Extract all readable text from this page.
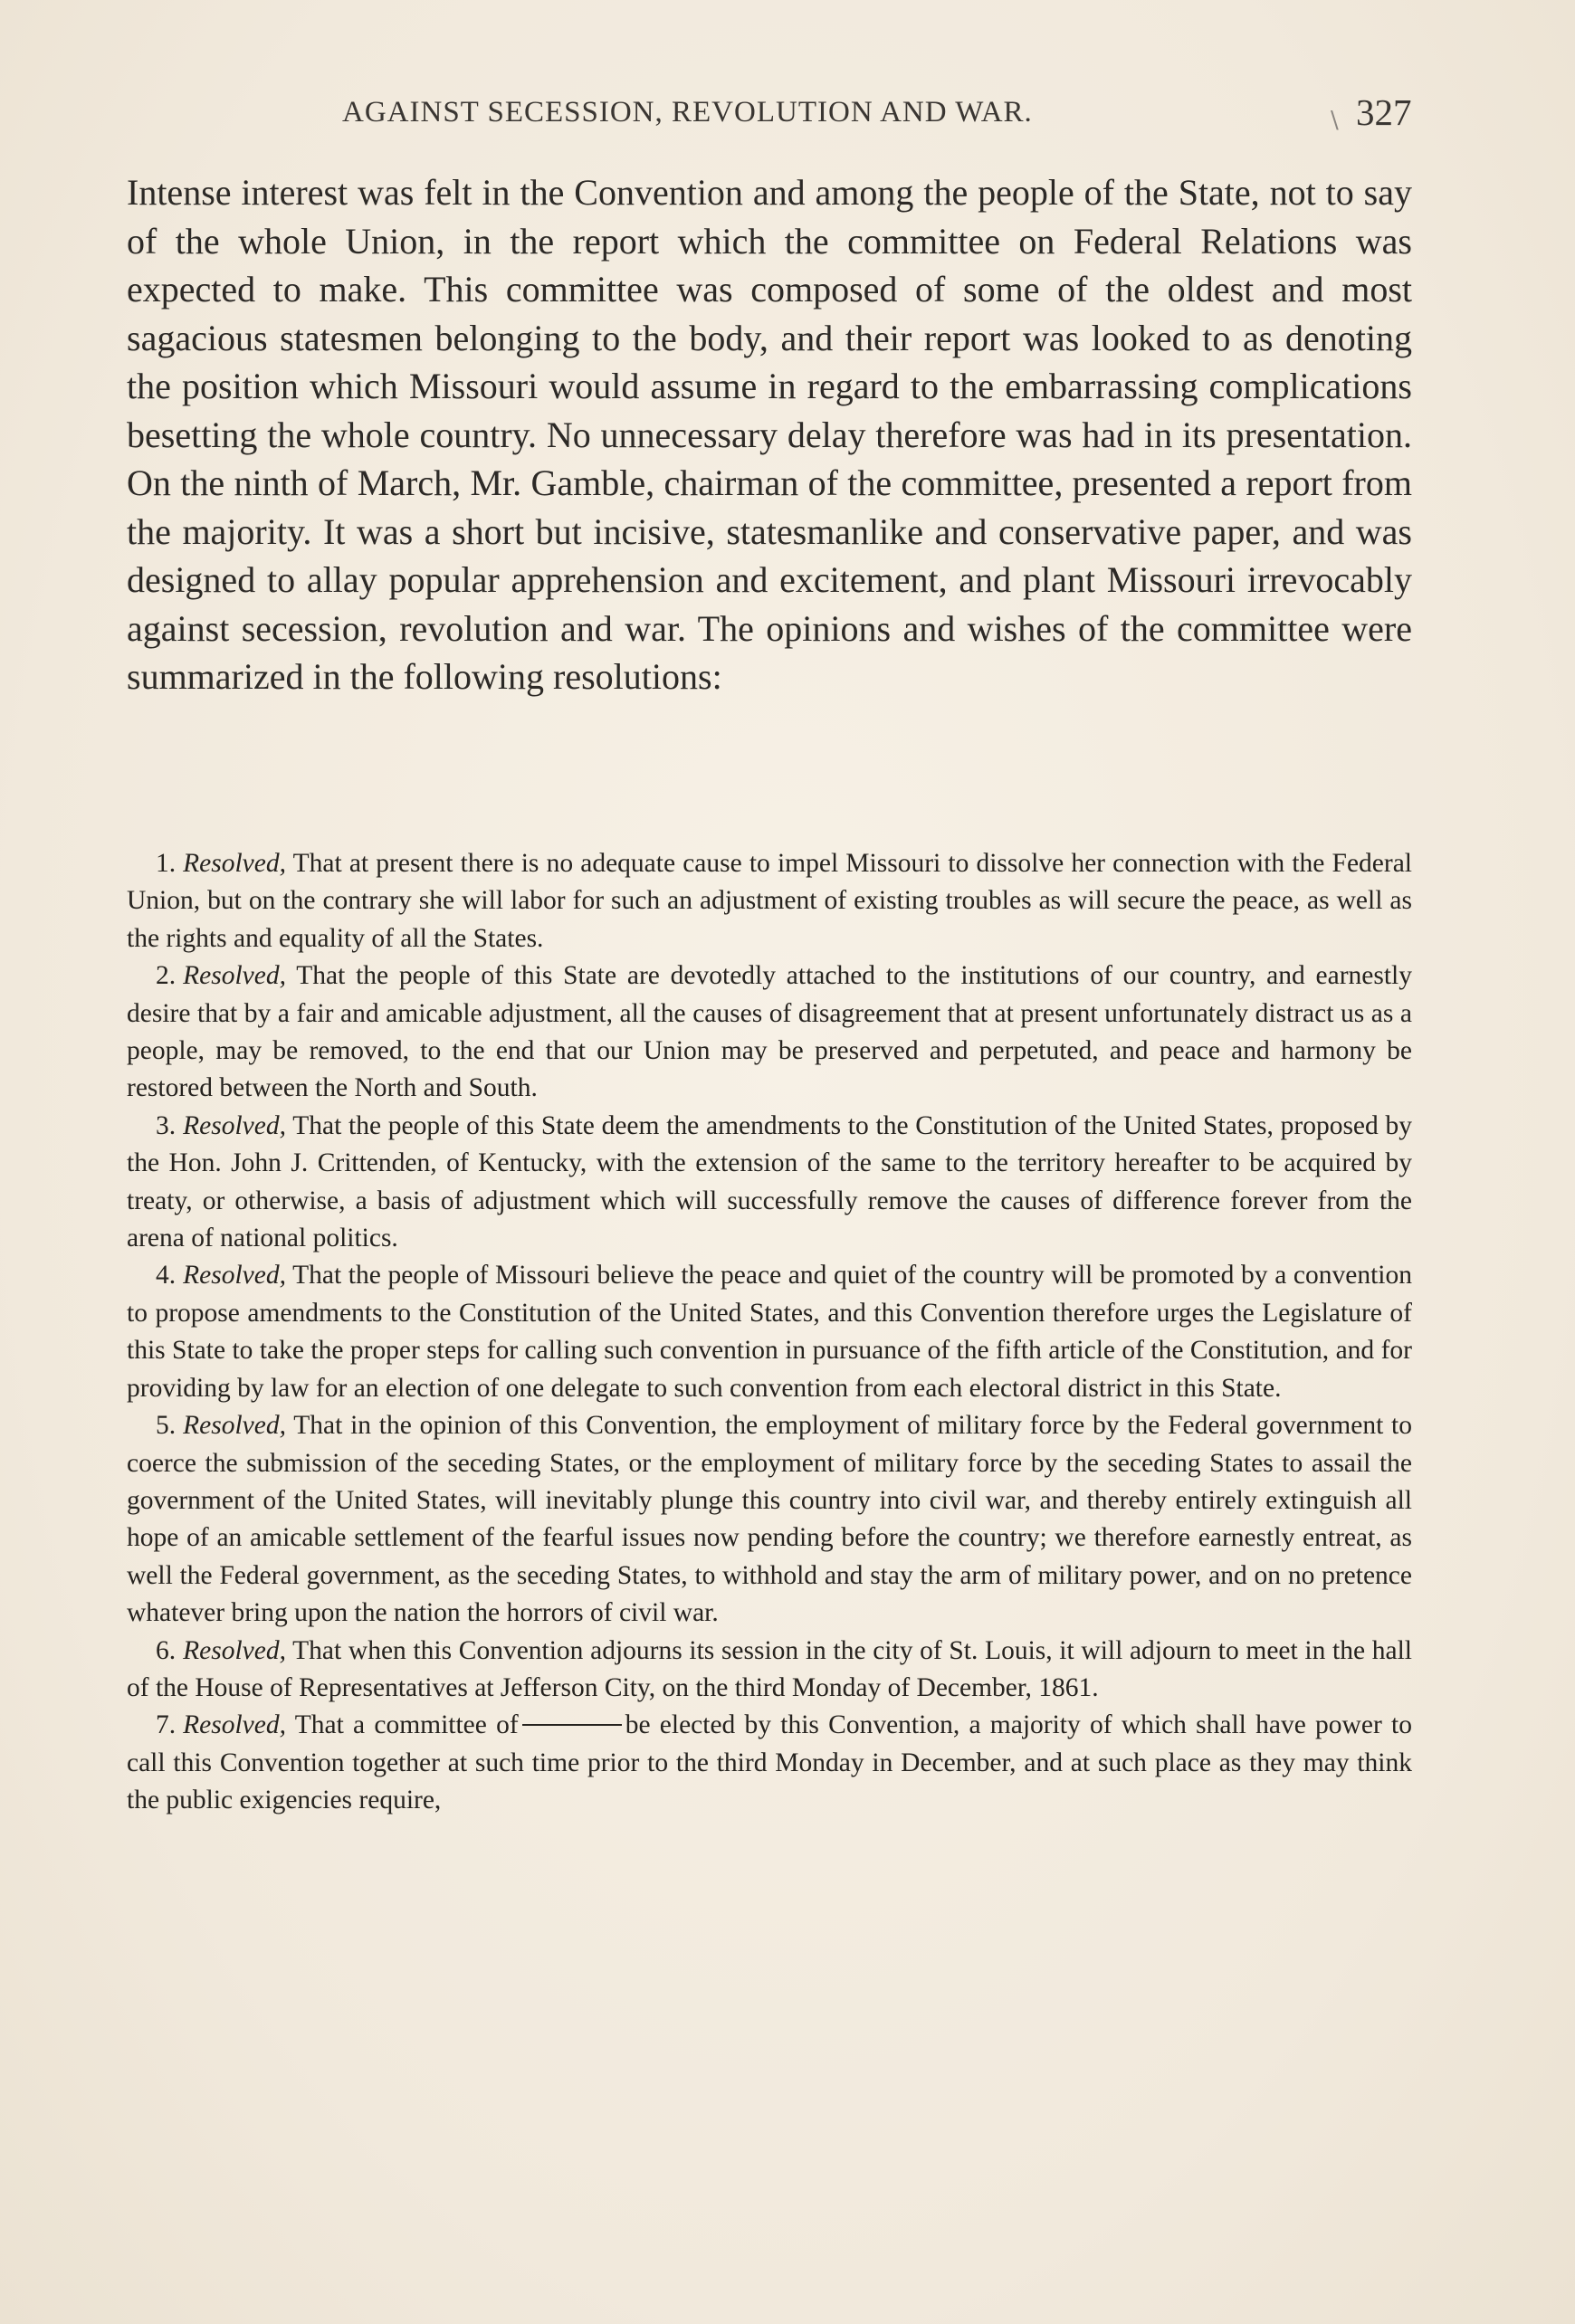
AGAINST SECESSION, REVOLUTION AND WAR.	\ 327

Intense interest was felt in the Convention and among the people of the State, not to say of the whole Union, in the report which the committee on Federal Relations was expected to make. This committee was composed of some of the oldest and most sagacious statesmen belonging to the body, and their report was looked to as denoting the position which Missouri would assume in regard to the embarrassing complications besetting the whole country. No unnecessary delay therefore was had in its presentation. On the ninth of March, Mr. Gamble, chairman of the committee, presented a report from the majority. It was a short but incisive, statesmanlike and conservative paper, and was designed to allay popular apprehension and excitement, and plant Missouri irrevocably against secession, revolution and war. The opinions and wishes of the committee were summarized in the following resolutions:

1. Resolved, That at present there is no adequate cause to impel Missouri to dissolve her connection with the Federal Union, but on the contrary she will labor for such an adjustment of existing troubles as will secure the peace, as well as the rights and equality of all the States.
2. Resolved, That the people of this State are devotedly attached to the institutions of our country, and earnestly desire that by a fair and amicable adjustment, all the causes of disagreement that at present unfortunately distract us as a people, may be removed, to the end that our Union may be preserved and perpetuted, and peace and harmony be restored between the North and South.
3. Resolved, That the people of this State deem the amendments to the Constitution of the United States, proposed by the Hon. John J. Crittenden, of Kentucky, with the extension of the same to the territory hereafter to be acquired by treaty, or otherwise, a basis of adjustment which will successfully remove the causes of difference forever from the arena of national politics.
4. Resolved, That the people of Missouri believe the peace and quiet of the country will be promoted by a convention to propose amendments to the Constitution of the United States, and this Convention therefore urges the Legislature of this State to take the proper steps for calling such convention in pursuance of the fifth article of the Constitution, and for providing by law for an election of one delegate to such convention from each electoral district in this State.
5. Resolved, That in the opinion of this Convention, the employment of military force by the Federal government to coerce the submission of the seceding States, or the employment of military force by the seceding States to assail the government of the United States, will inevitably plunge this country into civil war, and thereby entirely extinguish all hope of an amicable settlement of the fearful issues now pending before the country; we therefore earnestly entreat, as well the Federal government, as the seceding States, to withhold and stay the arm of military power, and on no pretence whatever bring upon the nation the horrors of civil war.
6. Resolved, That when this Convention adjourns its session in the city of St. Louis, it will adjourn to meet in the hall of the House of Representatives at Jefferson City, on the third Monday of December, 1861.
7. Resolved, That a committee of	be elected by this Convention, a majority of which shall have power to call this Convention together at such time prior to the third Monday in December, and at such place as they may think the public exigencies require,
